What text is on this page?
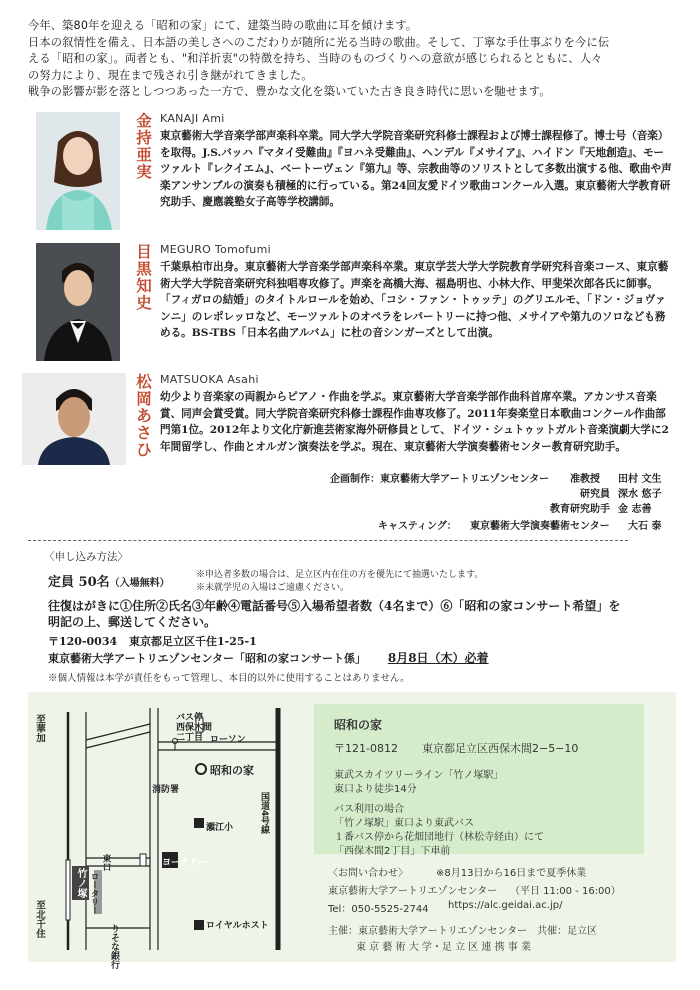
今年、築80年を迎える「昭和の家」にて、建築当時の歌曲に耳を傾けます。

日本の叙情性を備え、日本語の美しさへのこだわりが随所に光る当時の歌曲。そして、丁寧な手仕事ぶりを今に伝

える「昭和の家」。両者とも、"和洋折衷"の特徴を持ち、当時のものづくりへの意欲が感じられるとともに、人々

の努力により、現在まで残され引き継がれてきました。

戦争の影響が影を落としつつあった一方で、豊かな文化を築いていた古き良き時代に思いを馳せます。

金持亜実
KANAJI Ami

東京藝術大学音楽学部声楽科卒業。同大学大学院音楽研究科修士課程および博士課程修了。博士号（音楽）を取得。J.S.バッハ『マタイ受難曲』『ヨハネ受難曲』、ヘンデル『メサイア』、ハイドン『天地創造』、モーツァルト『レクイエム』、ベートーヴェン『第九』等、宗教曲等のソリストとして多数出演する他、歌曲や声楽アンサンブルの演奏も積極的に行っている。第24回友愛ドイツ歌曲コンクール入選。東京藝術大学教育研究助手、慶應義塾女子高等学校講師。

目黒知史
MEGURO Tomofumi

千葉県柏市出身。東京藝術大学音楽学部声楽科卒業。東京学芸大学大学院教育学研究科音楽コース、東京藝術大学大学院音楽研究科独唱専攻修了。声楽を高橋大海、福島明也、小林大作、甲斐栄次郎各氏に師事。「フィガロの結婚」のタイトルロールを始め、「コシ・ファン・トゥッテ」のグリエルモ、「ドン・ジョヴァンニ」のレポレッロなど、モーツァルトのオペラをレパートリーに持つ他、メサイアや第九のソロなども務める。BS-TBS「日本名曲アルバム」に杜の音シンガーズとして出演。

松岡あさひ
MATSUOKA Asahi

幼少より音楽家の両親からピアノ・作曲を学ぶ。東京藝術大学音楽学部作曲科首席卒業。アカンサス音楽賞、同声会賞受賞。同大学院音楽研究科修士課程作曲専攻修了。2011年奏楽堂日本歌曲コンクール作曲部門第1位。2012年より文化庁新進芸術家海外研修員として、ドイツ・シュトゥットガルト音楽演劇大学に2年間留学し、作曲とオルガン演奏法を学ぶ。現在、東京藝術大学演奏藝術センター教育研究助手。

企画制作：東京藝術大学アートリエゾンセンター 准教授 田村 文生
研究員 深水 悠子
教育研究助手 金 志善
キャスティング： 東京藝術大学演奏藝術センター 大石 泰
〈申し込み方法〉
定員 50名（入場無料）
※申込者多数の場合は、足立区内在住の方を優先にて抽選いたします。
※未就学児の入場はご遠慮ください。
往復はがきに①住所②氏名③年齢④電話番号⑤入場希望者数（4名まで）⑥「昭和の家コンサート希望」を
明記の上、郵送してください。
〒120-0034 東京都足立区千住1-25-1
東京藝術大学アートリエゾンセンター「昭和の家コンサート係」 8月8日（木）必着
※個人情報は本学が責任をもって管理し、本目的以外に使用することはありません。
至華加
至北千住
バス停
西保木間
二丁目 ローソン
昭和の家
消防署
国道4号線
瀬江小
ヨーカドー
東口
ロータリー
竹ノ塚
ロイヤルホスト
りそな銀行
昭和の家
〒121-0812 東京都足立区西保木間2−5−10
東武スカイツリーライン「竹ノ塚駅」
東口より徒歩14分
バス利用の場合
「竹ノ塚駅」東口より東武バス
１番バス停から花畑団地行（林松寺経由）にて
「西保木間2丁目」下車前
〈お問い合わせ〉	※8月13日から16日まで夏季休業
東京藝術大学アートリエゾンセンター （平日 11:00 - 16:00）
Tel：050-5525-2744 https://alc.geidai.ac.jp/
主催：東京藝術大学アートリエゾンセンター　共催：足立区
東 京 藝 術 大 学・足 立 区 連 携 事 業
